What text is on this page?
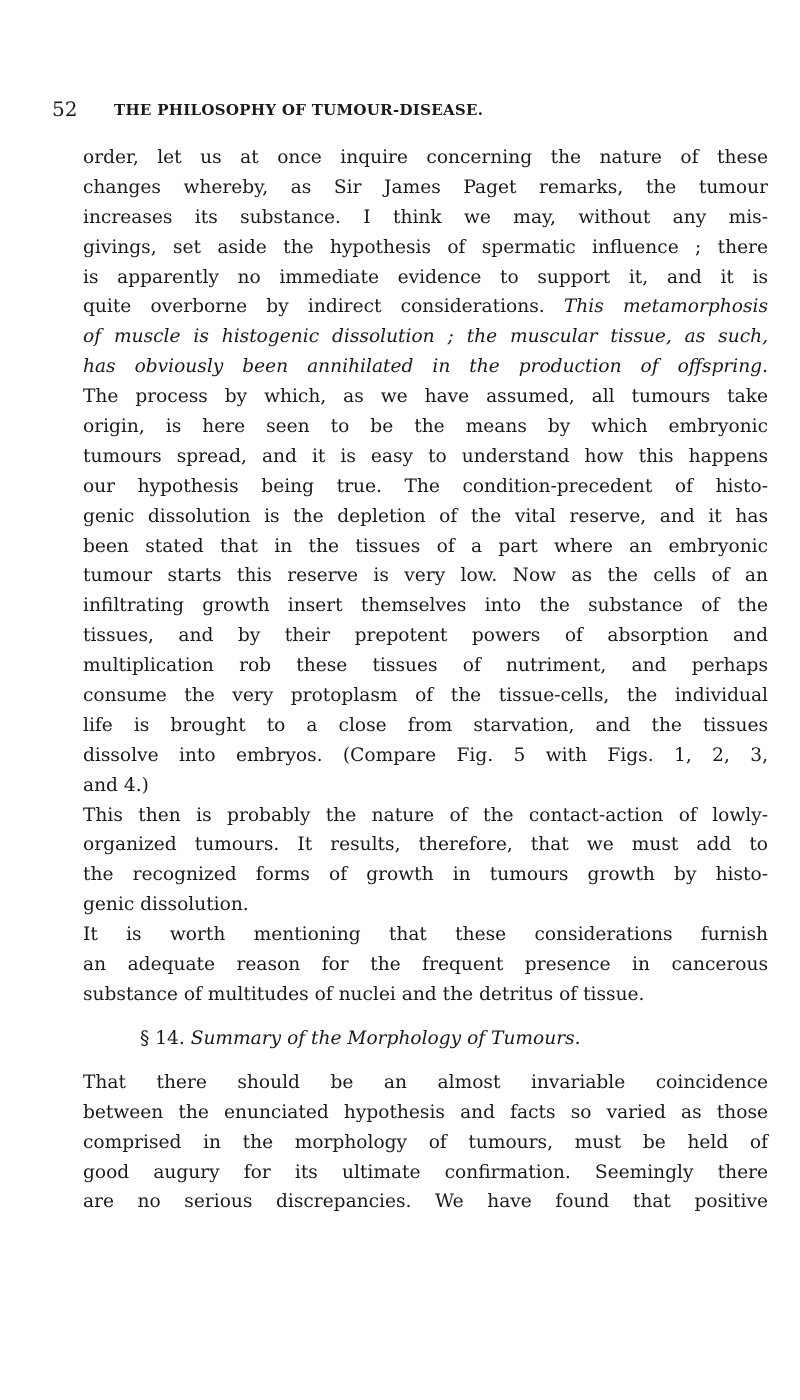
52 THE PHILOSOPHY OF TUMOUR-DISEASE.
order, let us at once inquire concerning the nature of these
changes whereby, as Sir James Paget remarks, the tumour
increases its substance. I think we may, without any mis-
givings, set aside the hypothesis of spermatic influence ; there
is apparently no immediate evidence to support it, and it is
quite overborne by indirect considerations. This metamorphosis
of muscle is histogenic dissolution ; the muscular tissue, as such,
has obviously been annihilated in the production of offspring.
The process by which, as we have assumed, all tumours take
origin, is here seen to be the means by which embryonic
tumours spread, and it is easy to understand how this happens
our hypothesis being true. The condition-precedent of histo-
genic dissolution is the depletion of the vital reserve, and it has
been stated that in the tissues of a part where an embryonic
tumour starts this reserve is very low. Now as the cells of an
infiltrating growth insert themselves into the substance of the
tissues, and by their prepotent powers of absorption and
multiplication rob these tissues of nutriment, and perhaps
consume the very protoplasm of the tissue-cells, the individual
life is brought to a close from starvation, and the tissues
dissolve into embryos. (Compare Fig. 5 with Figs. 1, 2, 3,
and 4.)
This then is probably the nature of the contact-action of lowly-
organized tumours. It results, therefore, that we must add to
the recognized forms of growth in tumours growth by histo-
genic dissolution.
It is worth mentioning that these considerations furnish
an adequate reason for the frequent presence in cancerous
substance of multitudes of nuclei and the detritus of tissue.
§ 14. Summary of the Morphology of Tumours.
That there should be an almost invariable coincidence
between the enunciated hypothesis and facts so varied as those
comprised in the morphology of tumours, must be held of
good augury for its ultimate confirmation. Seemingly there
are no serious discrepancies. We have found that positive
